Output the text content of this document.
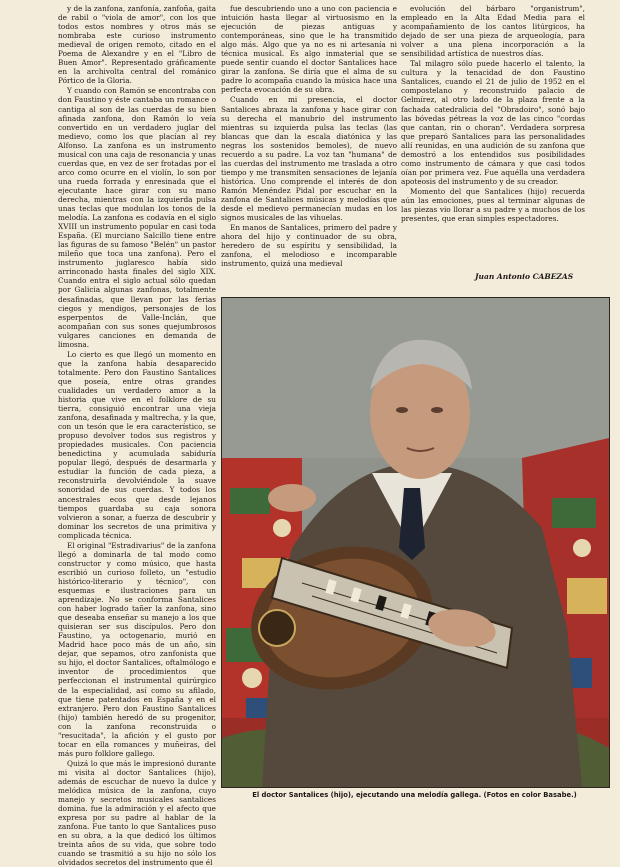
y de la zanfona, zanfonía, zanfoña, gaita de rabil o "viola de amor", con los que todos estos nombres y otros más se nombraba este curioso instrumento medieval de origen remoto, citado en el Poema de Alexandre y en el "Libro de Buen Amor". Representado gráficamente en la archivolta central del románico Pórtico de la Gloria.

Y cuando con Ramón se encontraba con don Faustino y éste cantaba un romance o cantiga al son de las cuerdas de su bien afinada zanfona, don Ramón lo veía convertido en un verdadero juglar del medievo, como los que placían al rey Alfonso. La zanfona es un instrumento musical con una caja de resonancia y unas cuerdas que, en vez de ser frotadas por el arco como ocurre en el violín, lo son por una rueda forrada y enresinada que el ejecutante hace girar con su mano derecha, mientras con la izquierda pulsa unas teclas que modulan los tonos de la melodía. La zanfona es codavía en el siglo XVIII un instrumento popular en casi toda España. (El murciano Salcillo tiene entre las figuras de su famoso "Belén" un pastor mileño que toca una zanfona). Pero el instrumento juglaresco había sido arrinconado hasta finales del siglo XIX. Cuando entra el siglo actual sólo quedan por Galicia algunas zanfonas, totalmente desafinadas, que llevan por las ferias ciegos y mendigos, personajes de los esperpentos de Valle-Inclán, que acompañan con sus sones quejumbrosos vulgares canciones en demanda de limosna.

Lo cierto es que llegó un momento en que la zanfona había desaparecido totalmente. Pero don Faustino Santalices que poseía, entre otras grandes cualidades un verdadero amor a la historia que vive en el folklore de su tierra, consiguió encontrar una vieja zanfona, desafinada y maltrecha, y la que, con un tesón que le era característico, se propuso devolver todos sus registros y propiedades musicales. Con paciencia benedictina y acumulada sabiduría popular llegó, después de desarmarla y estudiar la función de cada pieza, a reconstruirla devolviéndole la suave sonoridad de sus cuerdas. Y todos los ancestrales ecos que desde lejanos tiempos guardaba su caja sonora volvieron a sonar, a fuerza de descubrir y dominar los secretos de una primitiva y complicada técnica.

El original "Estradivarius" de la zanfona llegó a dominarla de tal modo como constructor y como músico, que hasta escribió un curioso folleto, un "estudio histórico-literario y técnico", con esquemas e ilustraciones para un aprendizaje. No se conforma Santalices con haber logrado tañer la zanfona, sino que deseaba enseñar su manejo a los que quisieran ser sus discípulos. Pero don Faustino, ya octogenario, murió en Madrid hace poco más de un año, sin dejar, que sepamos, otro zanfonista que su hijo, el doctor Santalices, oftalmólogo e inventor de procedimientos que perfeccionan el instrumental quirúrgico de la especialidad, así como su afilado, que tiene patentados en España y en el extranjero. Pero don Faustino Santalices (hijo) también heredó de su progenitor, con la zanfona reconstruida o "resucitada", la afición y el gusto por tocar en ella romances y muñeiras, del más puro folklore gallego.

Quizá lo que más le impresionó durante mi visita al doctor Santalices (hijo), además de escuchar de nuevo la dulce y melódica música de la zanfona, cuyo manejo y secretos musicales santalices domina. fue la admiración y el afecto que expresa por su padre al hablar de la zanfona. Fue tanto lo que Santalices puso en su obra, a la que dedicó los últimos treinta años de su vida, que sobre todo cuando se trasmitió a su hijo no sólo los olvidados secretos del instrumento que él

fue descubriendo uno a uno con paciencia e intuición hasta llegar al virtuosismo en la ejecución de piezas antiguas y contemporáneas, sino que le ha transmitido algo más. Algo que ya no es ni artesanía ni técnica musical. Es algo inmaterial que se puede sentir cuando el doctor Santalices hace girar la zanfona. Se diría que el alma de su padre lo acompaña cuando la música hace una perfecta evocación de su obra.

Cuando en mi presencia, el doctor Santalices abraza la zanfona y hace girar con su derecha el manubrio del instrumento mientras su izquierda pulsa las teclas (las blancas que dan la escala diatónica y las negras los sostenidos bemoles), de nuevo recuerdo a su padre. La voz tan "humana" de las cuerdas del instrumento me traslada a otro tiempo y me transmiten sensaciones de lejanía histórica. Uno comprende el interés de don Ramón Menéndez Pidal por escuchar en la zanfona de Santalices músicas y melodías que desde el medievo permanecían mudas en los signos musicales de las vihuelas.

En manos de Santalices, primero del padre y ahora del hijo y continuador de su obra, heredero de su espíritu y sensibilidad, la zanfona, el melodioso e incomparable instrumento, quizá una medieval

evolución del bárbaro "organistrum", empleado en la Alta Edad Media para el acompañamiento de los cantos litúrgicos, ha dejado de ser una pieza de arqueología, para volver a una plena incorporación a la sensibilidad artística de nuestros días.

Tal milagro sólo puede hacerlo el talento, la cultura y la tenacidad de don Faustino Santalices, cuando el 21 de julio de 1952 en el compostelano y reconstruido palacio de Gelmírez, al otro lado de la plaza frente a la fachada catedralicia del "Obradoiro", sonó bajo las bóvedas pétreas la voz de las cinco "cordas que cantan, rin o choran". Verdadera sorpresa que preparó Santalices para las personalidades allí reunidas, en una audición de su zanfona que demostró a los entendidos sus posibilidades como instrumento de cámara y que casi todos oían por primera vez. Fue aquélla una verdadera apoteosis del instrumento y de su creador.

Momento del que Santalices (hijo) recuerda aún las emociones, pues al terminar algunas de las piezas vio llorar a su padre y a muchos de los presentes, que eran simples espectadores.

Juan Antonio CABEZAS
El doctor Santalices (hijo), ejecutando una melodía gallega. (Fotos en color Basabe.)
